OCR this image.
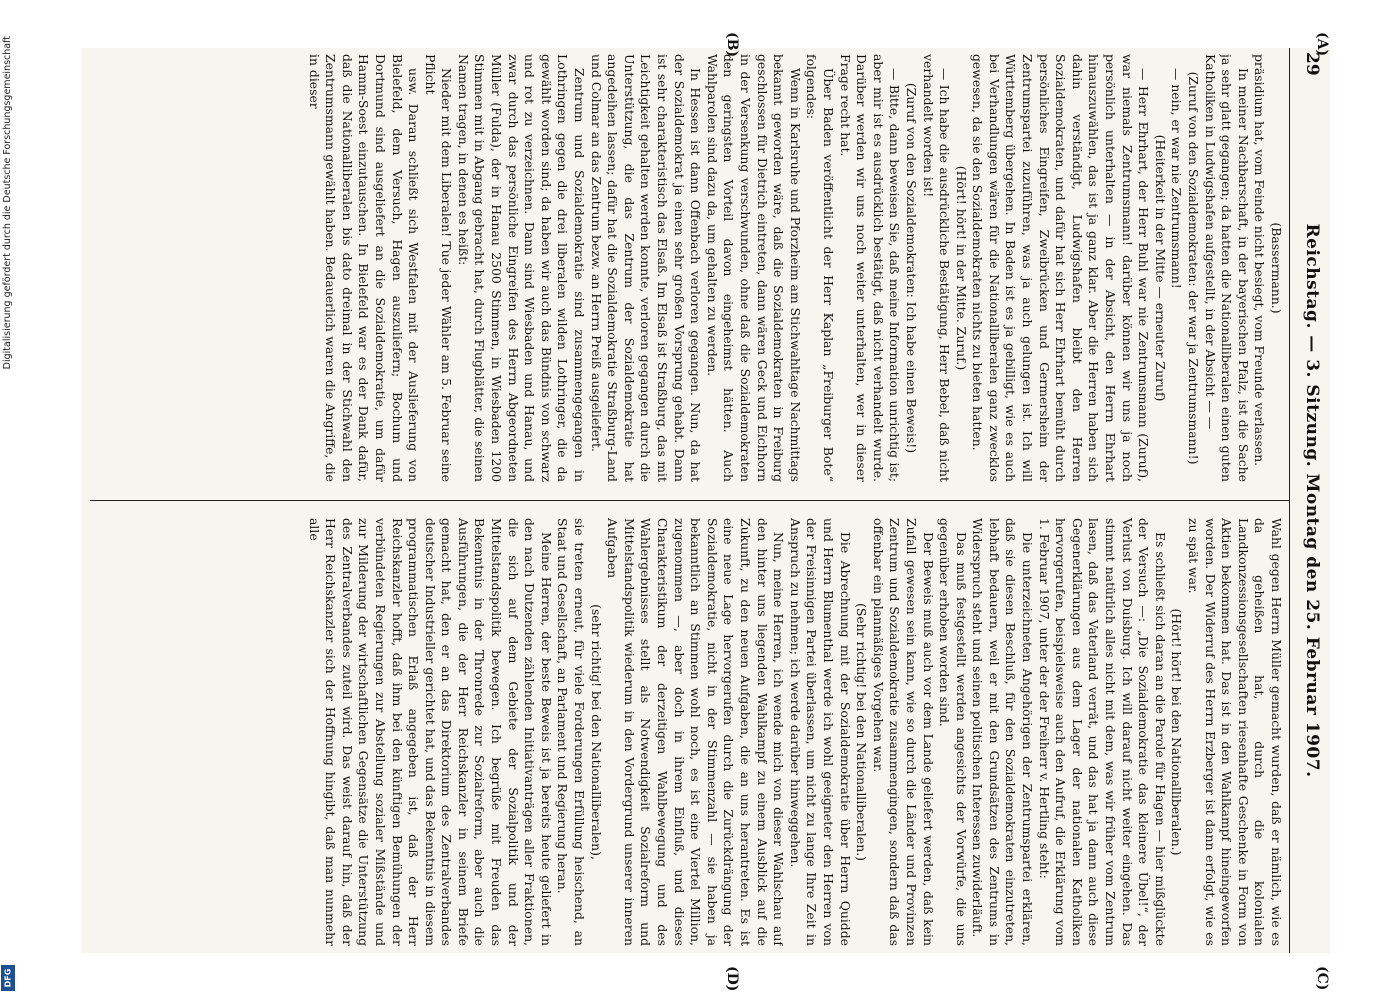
29
Reichstag. — 3. Sitzung. Montag den 25. Februar 1907.
(A)
(B)
(C)
(D)

(Bassermann.)

präsidium hat, vom Feinde nicht besiegt, vom Freunde verlassen.

In meiner Nachbarschaft, in der bayerischen Pfalz, ist die Sache ja sehr glatt gegangen; da hatten die Nationalliberalen einen guten Katholiken in Ludwigshafen aufgestellt, in der Absicht — —

(Zuruf von den Sozialdemokraten: der war ja Zentrumsmann!)

— nein, er war nie Zentrumsmann!

(Heiterkeit in der Mitte — erneuter Zuruf)

— Herr Ehrhart, der Herr Buhl war nie Zentrumsmann (Zuruf), war niemals Zentrumsmann! darüber können wir uns ja noch persönlich unterhalten — in der Absicht, den Herrn Ehrhart hinauszuwählen, das ist ja ganz klar. Aber die Herren haben sich dahin verständigt, Ludwigshafen bleibt den Herren Sozialdemokraten, und dafür hat sich Herr Ehrhart bemüht durch persönliches Eingreifen, Zweibrücken und Germersheim der Zentrumspartei zuzuführen, was ja auch gelungen ist. Ich will Württemberg übergehen. In Baden ist es ja gebilligt, wie es auch bei Verhandlungen wären für die Nationalliberalen ganz zwecklos gewesen, da sie den Sozialdemokraten nichts zu bieten hatten.

(Hört! hört! in der Mitte. Zuruf.)

— Ich habe die ausdrückliche Bestätigung, Herr Bebel, daß nicht verhandelt worden ist!

(Zuruf von den Sozialdemokraten: Ich habe einen Beweis!)

— Bitte, dann beweisen Sie, daß meine Information unrichtig ist; aber mir ist es ausdrücklich bestätigt, daß nicht verhandelt wurde. Darüber werden wir uns noch weiter unterhalten, wer in dieser Frage recht hat.

Über Baden veröffentlicht der Herr Kaplan „Freiburger Bote“ folgendes:

Wenn in Karlsruhe und Pforzheim am Stichwahltage Nachmittags bekannt geworden wäre, daß die Sozialdemokraten in Freiburg geschlossen für Dietrich eintreten, dann wären Geck und Eichhorn in der Versenkung verschwunden, ohne daß die Sozialdemokraten den geringsten Vorteil davon eingeheimst hätten. Auch Wahlparolen sind dazu da, um gehalten zu werden.

In Hessen ist dann Offenbach verloren gegangen. Nun, da hat der Sozialdemokrat ja einen sehr großen Vorsprung gehabt. Dann ist sehr charakteristisch das Elsaß. Im Elsaß ist Straßburg, das mit Leichtigkeit gehalten werden konnte, verloren gegangen durch die Unterstützung, die das Zentrum der Sozialdemokratie hat angedeihen lassen; dafür hat die Sozialdemokratie Straßburg-Land und Colmar an das Zentrum bezw. an Herrn Preiß ausgeliefert.

Zentrum und Sozialdemokratie sind zusammengegangen in Lothringen gegen die drei liberalen wilden Lothringer, die da gewählt worden sind; da haben wir auch das Bündnis von schwarz und rot zu verzeichnen. Dann sind Wiesbaden und Hanau, und zwar durch das persönliche Eingreifen des Herrn Abgeordneten Müller (Fulda), der in Hanau 2500 Stimmen, in Wiesbaden 1200 Stimmen mit in Abgang gebracht hat, durch Flugblätter, die seinen Namen tragen, in denen es heißt:

Nieder mit dem Liberalen! Tue jeder Wähler am 5. Februar seine Pflicht

usw. Daran schließt sich Westfalen mit der Auslieferung von Bielefeld, dem Versuch, Hagen auszuliefern; Bochum und Dortmund sind ausgeliefert an die Sozialdemokratie, um dafür Hamm-Soest einzutauschen. In Bielefeld war es der Dank dafür, daß die Nationalliberalen bis dato dreimal in der Stichwahl den Zentrumsmann gewählt haben. Bedauerlich waren die Angriffe, die in dieser

Wahl gegen Herrn Müller gemacht wurden, daß er nämlich, wie es da geheißen hat, durch die kolonialen Landkonzessionsgesellschaften riesenhafte Geschenke in Form von Aktien bekommen hat. Das ist in den Wahlkampf hineingeworfen worden. Der Widerruf des Herrn Erzberger ist dann erfolgt, wie es zu spät war.

(Hört! hört! bei den Nationalliberalen.)

Es schließt sich daran an die Parole für Hagen — hier mißglückte der Versuch —: „Die Sozialdemokratie das kleinere Übel!“, der Verlust von Duisburg. Ich will darauf nicht weiter eingehen. Das stimmt natürlich alles nicht mit dem, was wir früher vom Zentrum lasen, daß das Vaterland verrät, und das hat ja dann auch diese Gegenerklärungen aus dem Lager der nationalen Katholiken hervorgerufen, beispielsweise auch den Aufruf, die Erklärung vom 1. Februar 1907, unter der der Freiherr v. Hertling steht:

Die unterzeichneten Angehörigen der Zentrumspartei erklären, daß sie diesen Beschluß, für den Sozialdemokraten einzutreten, lebhaft bedauern, weil er mit den Grundsätzen des Zentrums in Widerspruch steht und seinen politischen Interessen zuwiderläuft.

Das muß festgestellt werden angesichts der Vorwürfe, die uns gegenüber erhoben worden sind.

Der Beweis muß auch vor dem Lande geliefert werden, daß kein Zufall gewesen sein kann, wie so durch die Länder und Provinzen Zentrum und Sozialdemokratie zusammengingen, sondern daß das offenbar ein planmäßiges Vorgehen war.

(Sehr richtig! bei den Nationalliberalen.)

Die Abrechnung mit der Sozialdemokratie über Herrn Quidde und Herrn Blumenthal werde ich wohl geeigneter den Herren von der Freisinnigen Partei überlassen, um nicht zu lange Ihre Zeit in Anspruch zu nehmen; ich werde darüber hinweggehen.

Nun, meine Herren, ich wende mich von dieser Wahlschau auf den hinter uns liegenden Wahlkampf zu einem Ausblick auf die Zukunft, zu den neuen Aufgaben, die an uns herantreten. Es ist eine neue Lage hervorgerufen durch die Zurückdrängung der Sozialdemokratie, nicht in der Stimmenzahl — sie haben ja bekanntlich an Stimmen wohl noch, es ist eine Viertel Million, zugenommen —, aber doch in ihrem Einfluß, und dieses Charakteristikum der derzeitigen Wahlbewegung und des Wahlergebnisses stellt als Notwendigkeit Sozialreform und Mittelstandspolitik wiederum in den Vordergrund unserer inneren Aufgaben

(sehr richtig! bei den Nationalliberalen),

sie treten erneut, für viele Forderungen Erfüllung heischend, an Staat und Gesellschaft, an Parlament und Regierung heran.

Meine Herren, der beste Beweis ist ja bereits heute geliefert in den nach Dutzenden zählenden Initiativanträgen aller Fraktionen, die sich auf dem Gebiete der Sozialpolitik und der Mittelstandspolitik bewegen. Ich begrüße mit Freuden das Bekenntnis in der Thronrede zur Sozialreform, aber auch die Ausführungen, die der Herr Reichskanzler in seinem Briefe gemacht hat, den er an das Direktorium des Zentralverbandes deutscher Industrieller gerichtet hat, und das Bekenntnis in diesem programmatischen Erlaß angegeben ist, daß der Herr Reichskanzler hofft, daß ihm bei den künftigen Bemühungen der verbündeten Regierungen zur Abstellung sozialer Mißstände und zur Milderung der wirtschaftlichen Gegensätze die Unterstützung des Zentralverbandes zuteil wird. Das weist darauf hin, daß der Herr Reichskanzler sich der Hoffnung hingibt, daß man nunmehr alle

Digitalisierung gefördert durch die Deutsche Forschungsgemeinschaft
DFG
